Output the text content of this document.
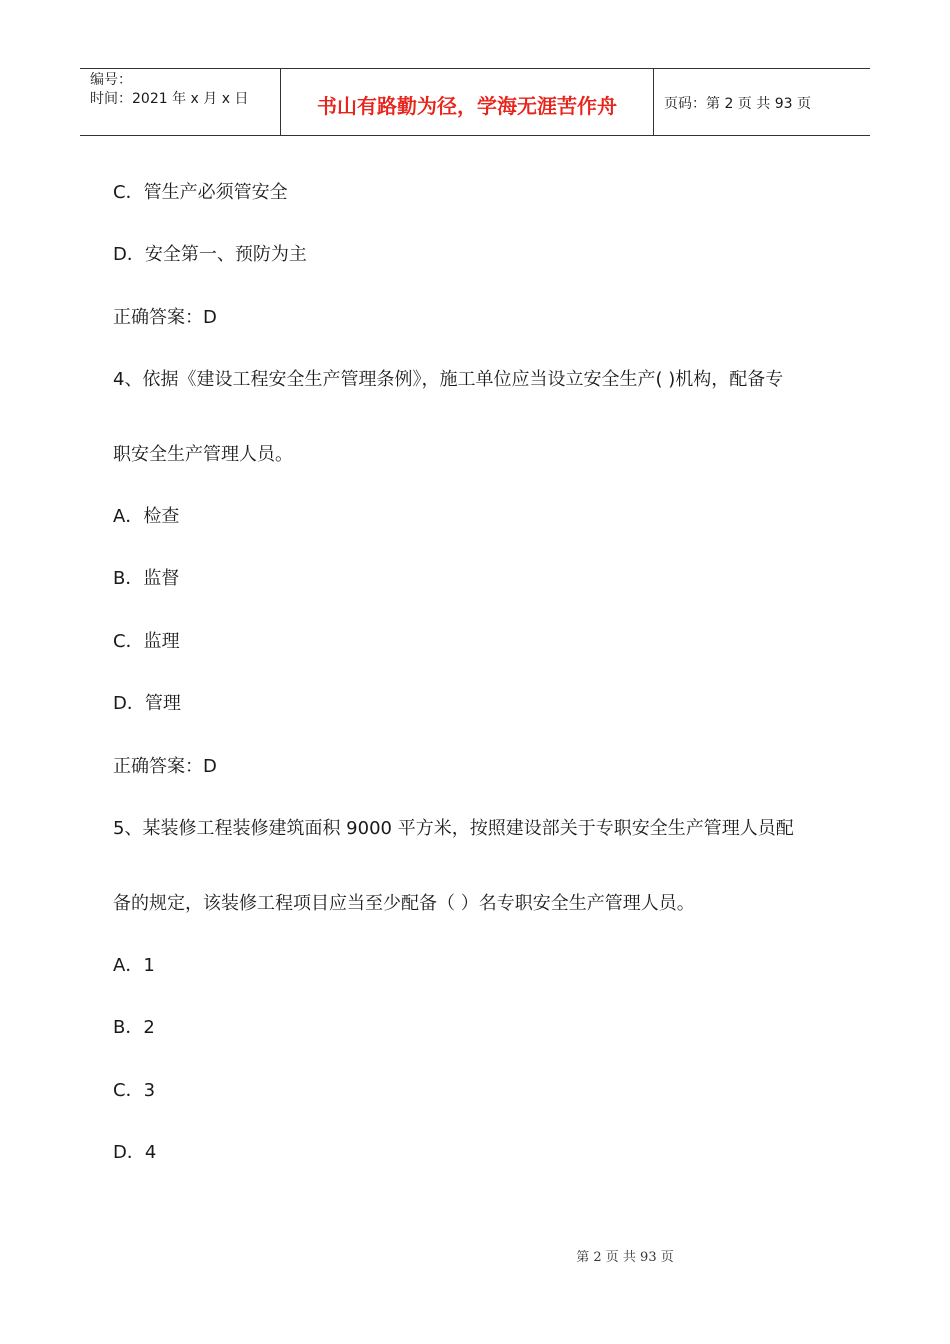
编号：
时间：2021 年 x 月 x 日	书山有路勤为径，学海无涯苦作舟	页码：第 2 页 共 93 页
C．管生产必须管安全
D．安全第一、预防为主
正确答案：D
4、依据《建设工程安全生产管理条例》，施工单位应当设立安全生产( )机构，配备专
职安全生产管理人员。
A．检查
B．监督
C．监理
D．管理
正确答案：D
5、某装修工程装修建筑面积 9000 平方米，按照建设部关于专职安全生产管理人员配
备的规定，该装修工程项目应当至少配备（ ）名专职安全生产管理人员。
A．1
B．2
C．3
D．4
第 2 页 共 93 页
